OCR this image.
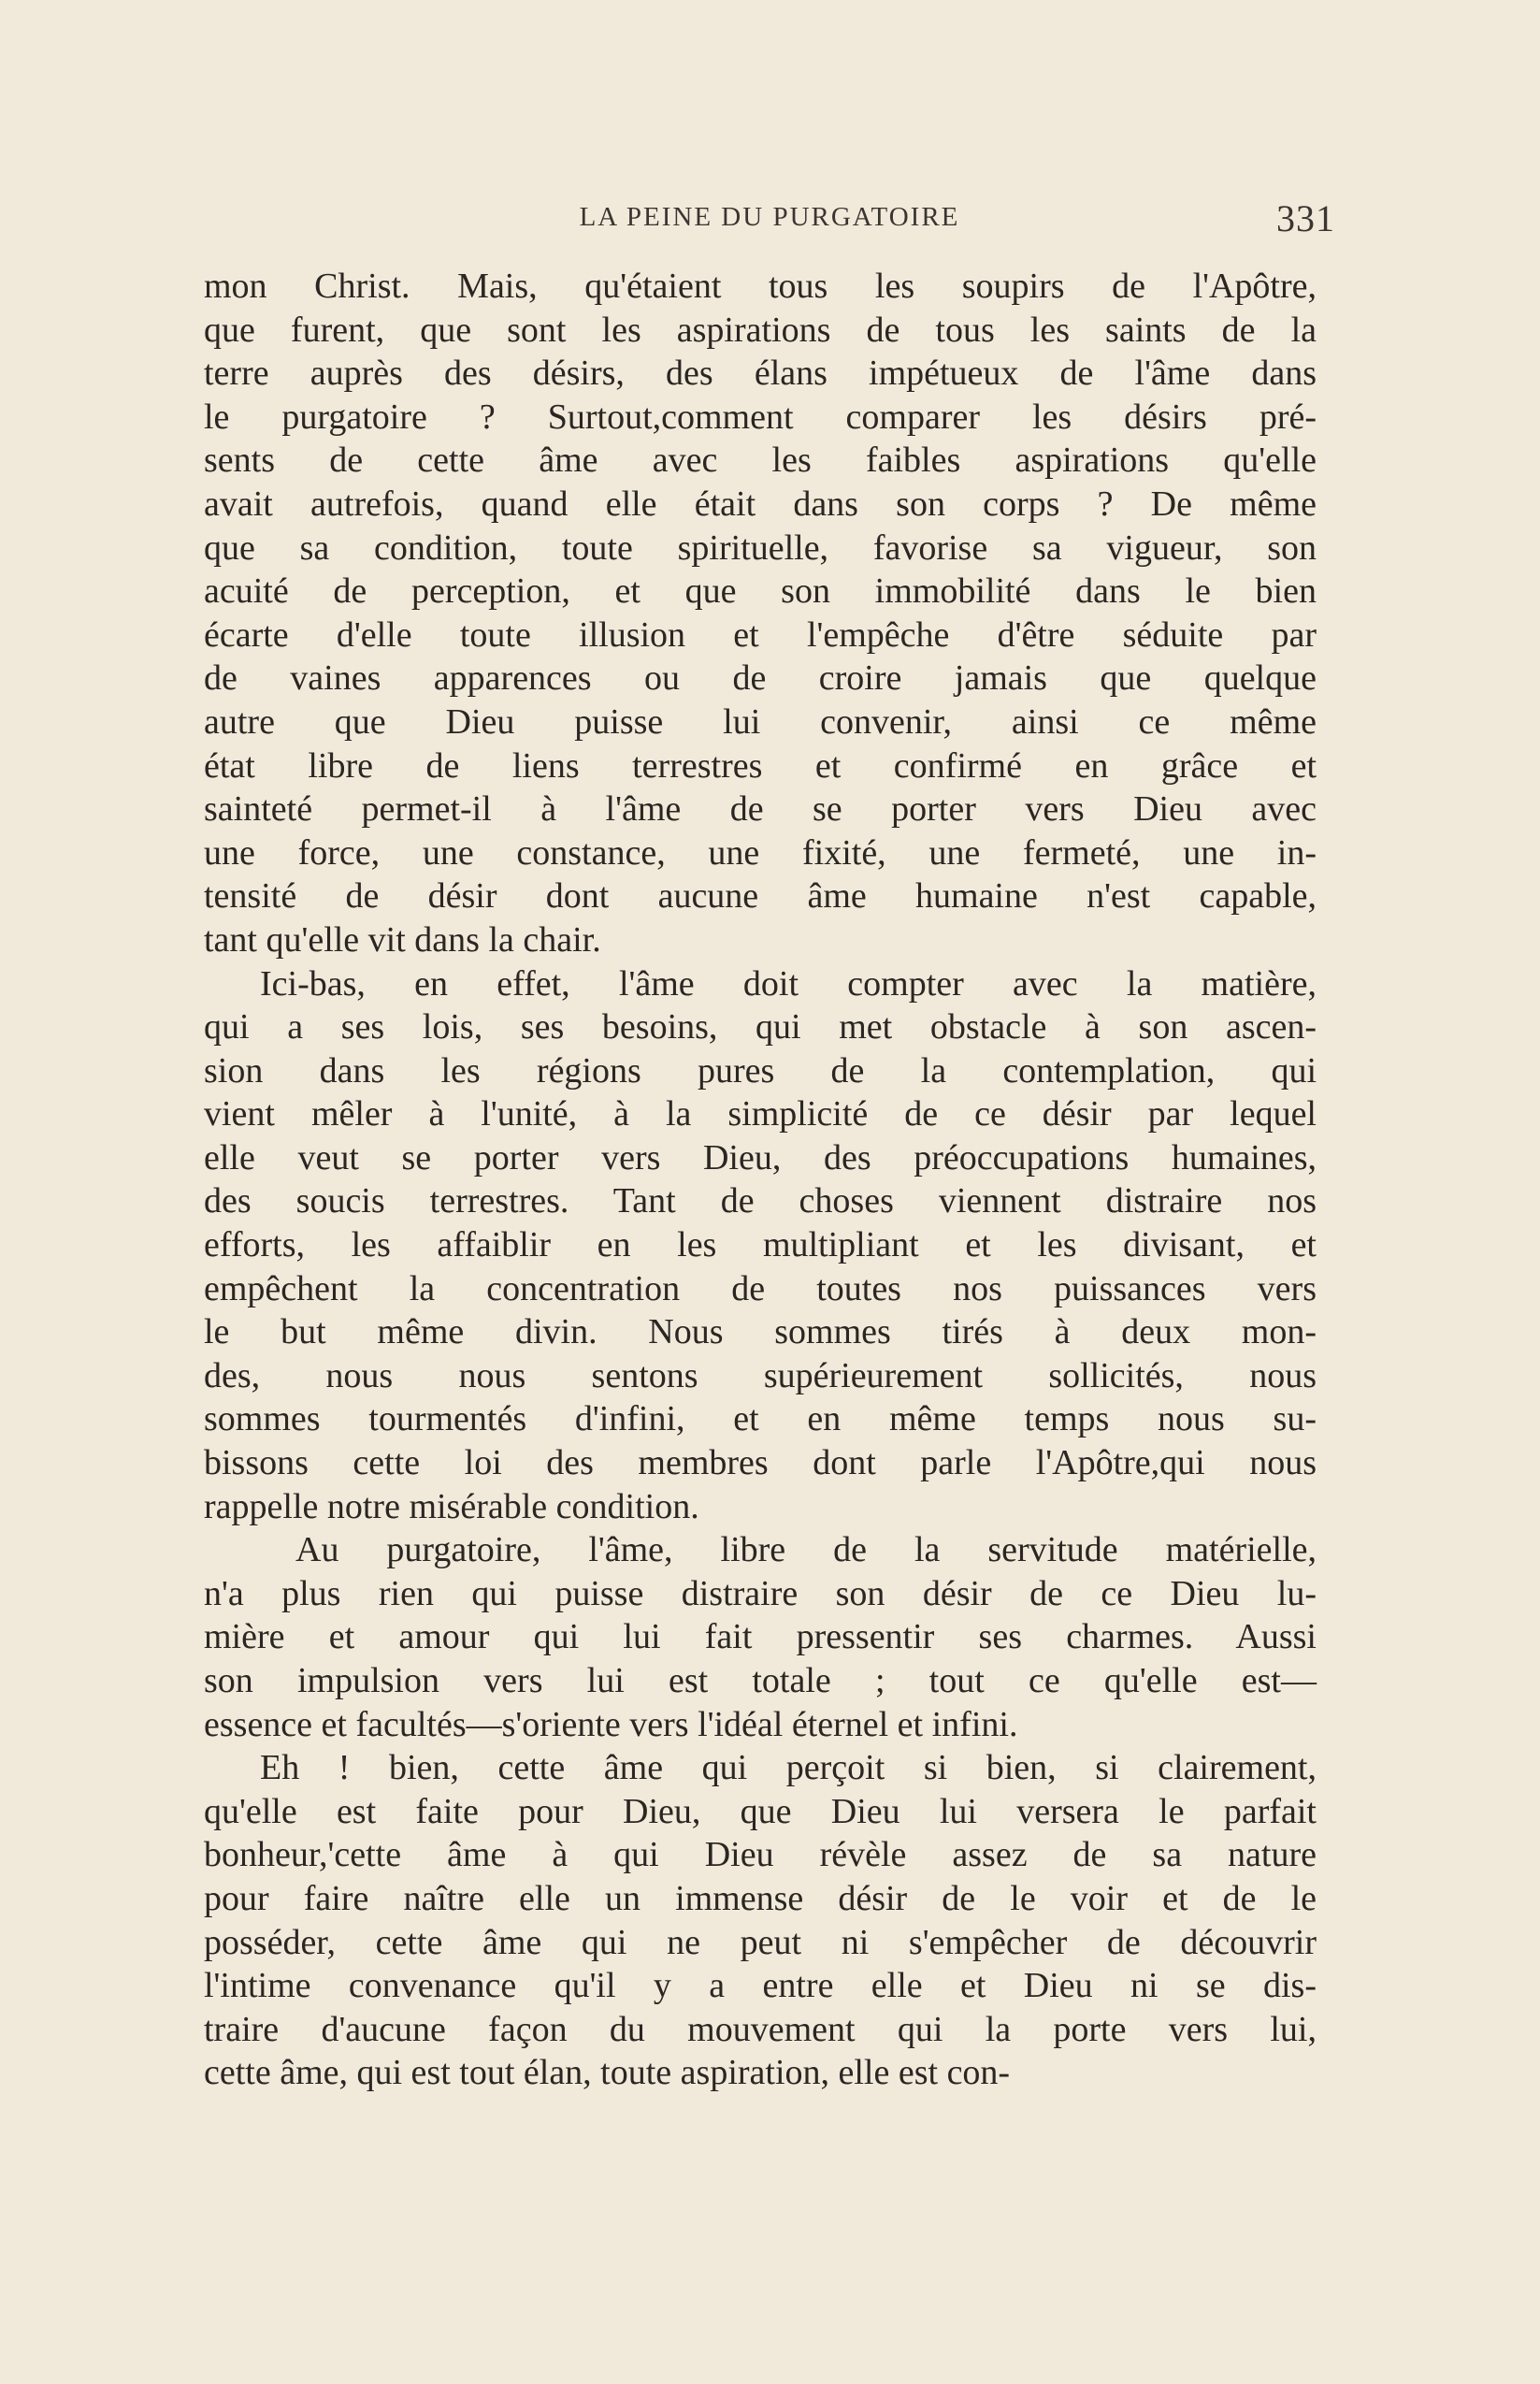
LA PEINE DU PURGATOIRE	331

mon Christ. Mais, qu'étaient tous les soupirs de l'Apôtre,
que furent, que sont les aspirations de tous les saints de la
terre auprès des désirs, des élans impétueux de l'âme dans
le purgatoire ? Surtout,comment comparer les désirs pré-
sents de cette âme avec les faibles aspirations qu'elle
avait autrefois, quand elle était dans son corps ? De même
que sa condition, toute spirituelle, favorise sa vigueur, son
acuité de perception, et que son immobilité dans le bien
écarte d'elle toute illusion et l'empêche d'être séduite par
de vaines apparences ou de croire jamais que quelque
autre que Dieu puisse lui convenir, ainsi ce même
état libre de liens terrestres et confirmé en grâce et
sainteté permet-il à l'âme de se porter vers Dieu avec
une force, une constance, une fixité, une fermeté, une in-
tensité de désir dont aucune âme humaine n'est capable,
tant qu'elle vit dans la chair.

Ici-bas, en effet, l'âme doit compter avec la matière,
qui a ses lois, ses besoins, qui met obstacle à son ascen-
sion dans les régions pures de la contemplation, qui
vient mêler à l'unité, à la simplicité de ce désir par lequel
elle veut se porter vers Dieu, des préoccupations humaines,
des soucis terrestres. Tant de choses viennent distraire nos
efforts, les affaiblir en les multipliant et les divisant, et
empêchent la concentration de toutes nos puissances vers
le but même divin. Nous sommes tirés à deux mon-
des, nous nous sentons supérieurement sollicités, nous
sommes tourmentés d'infini, et en même temps nous su-
bissons cette loi des membres dont parle l'Apôtre,qui nous
rappelle notre misérable condition.

Au purgatoire, l'âme, libre de la servitude matérielle,
n'a plus rien qui puisse distraire son désir de ce Dieu lu-
mière et amour qui lui fait pressentir ses charmes. Aussi
son impulsion vers lui est totale ; tout ce qu'elle est—
essence et facultés—s'oriente vers l'idéal éternel et infini.

Eh ! bien, cette âme qui perçoit si bien, si clairement,
qu'elle est faite pour Dieu, que Dieu lui versera le parfait
bonheur,'cette âme à qui Dieu révèle assez de sa nature
pour faire naître elle un immense désir de le voir et de le
posséder, cette âme qui ne peut ni s'empêcher de découvrir
l'intime convenance qu'il y a entre elle et Dieu ni se dis-
traire d'aucune façon du mouvement qui la porte vers lui,
cette âme, qui est tout élan, toute aspiration, elle est con-
